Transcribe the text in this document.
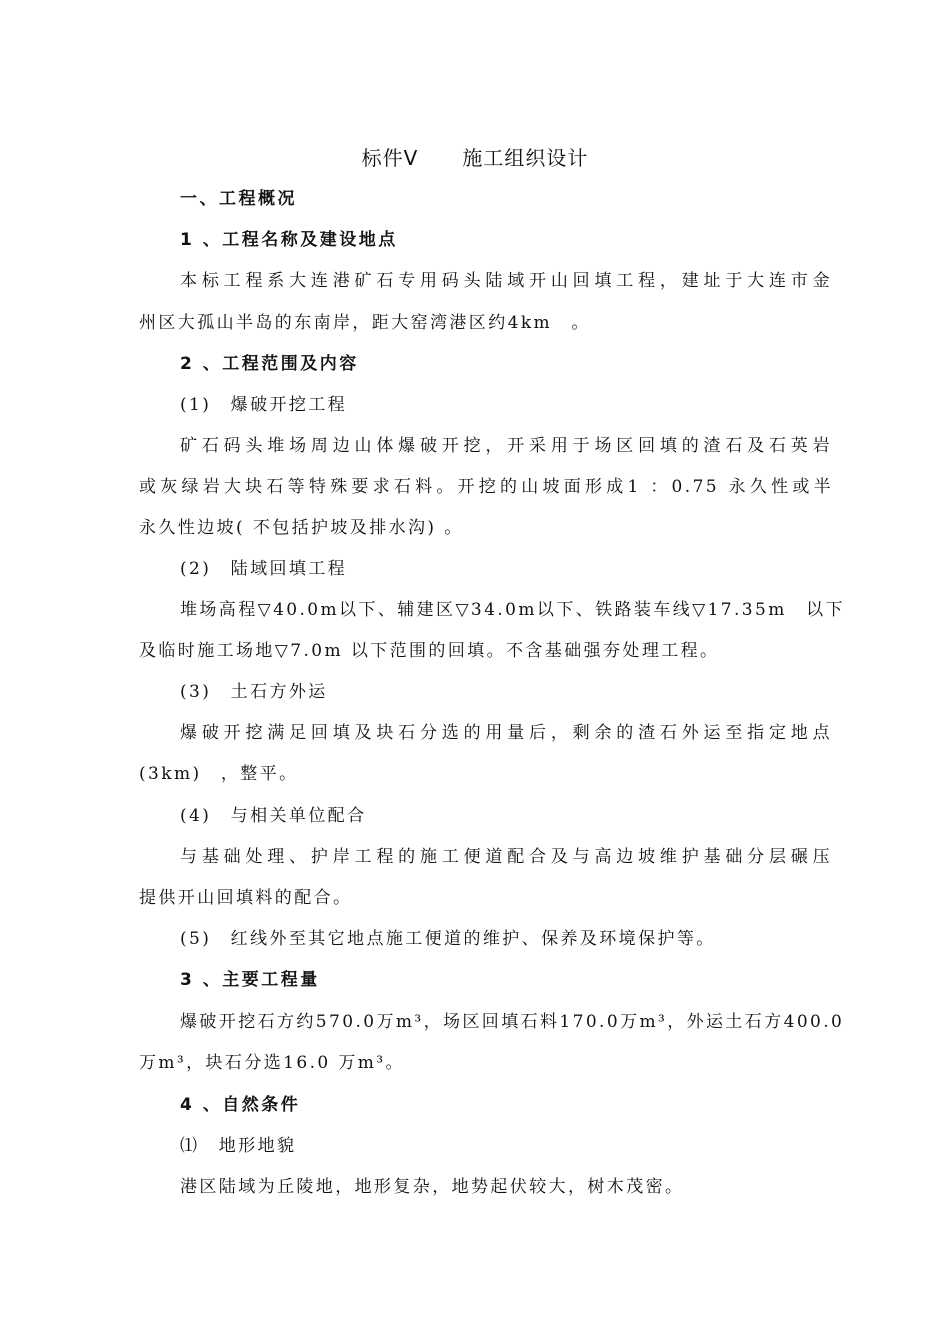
标件Ⅴ 施工组织设计
一、工程概况
1 、工程名称及建设地点
本标工程系大连港矿石专用码头陆域开山回填工程，建址于大连市金
州区大孤山半岛的东南岸，距大窑湾港区约4km　。
2 、工程范围及内容
(1)　爆破开挖工程
矿石码头堆场周边山体爆破开挖，开采用于场区回填的渣石及石英岩
或灰绿岩大块石等特殊要求石料。开挖的山坡面形成1 ：0.75 永久性或半
永久性边坡( 不包括护坡及排水沟) 。
(2)　陆域回填工程
堆场高程▽40.0m以下、辅建区▽34.0m以下、铁路装车线▽17.35m　以下
及临时施工场地▽7.0m 以下范围的回填。不含基础强夯处理工程。
(3)　土石方外运
爆破开挖满足回填及块石分选的用量后，剩余的渣石外运至指定地点
(3km)　，整平。
(4)　与相关单位配合
与基础处理、护岸工程的施工便道配合及与高边坡维护基础分层碾压
提供开山回填料的配合。
(5)　红线外至其它地点施工便道的维护、保养及环境保护等。
3 、主要工程量
爆破开挖石方约570.0万m³，场区回填石料170.0万m³，外运土石方400.0
万m³，块石分选16.0 万m³。
4 、自然条件
⑴　地形地貌
港区陆域为丘陵地，地形复杂，地势起伏较大，树木茂密。
